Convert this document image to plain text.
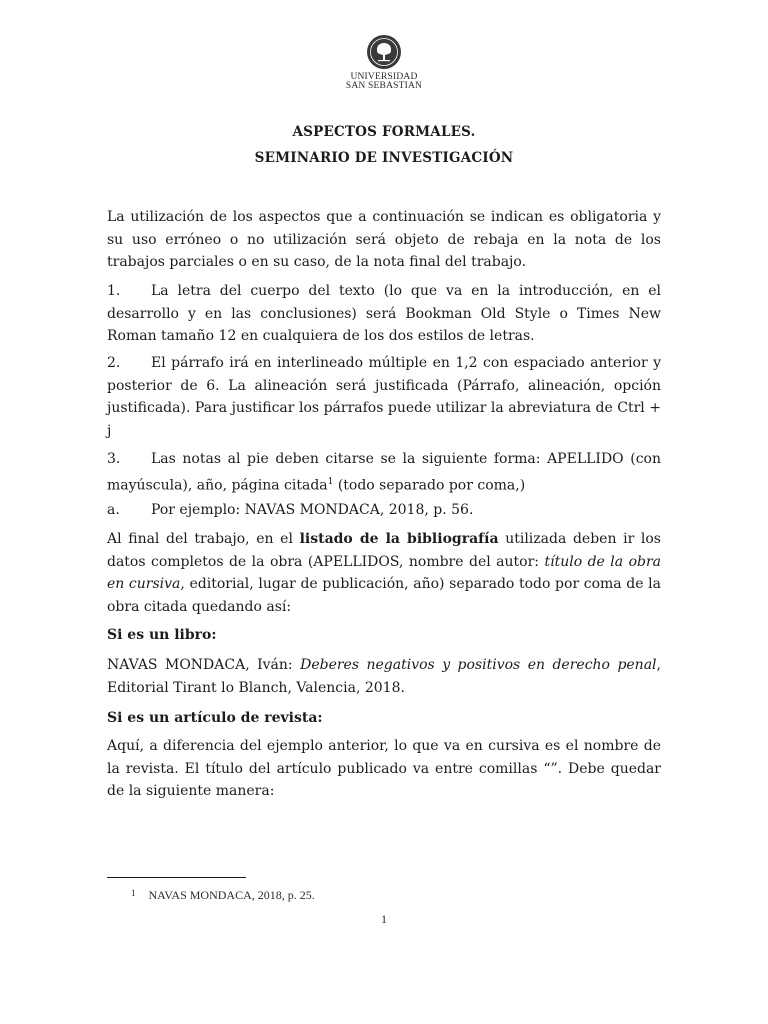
UNIVERSIDAD
SAN SEBASTIAN
ASPECTOS FORMALES.
SEMINARIO DE INVESTIGACIÓN

La utilización de los aspectos que a continuación se indican es obligatoria y su uso erróneo o no utilización será objeto de rebaja en la nota de los trabajos parciales o en su caso, de la nota final del trabajo.

1. La letra del cuerpo del texto (lo que va en la introducción, en el desarrollo y en las conclusiones) será Bookman Old Style o Times New Roman tamaño 12 en cualquiera de los dos estilos de letras.

2. El párrafo irá en interlineado múltiple en 1,2 con espaciado anterior y posterior de 6. La alineación será justificada (Párrafo, alineación, opción justificada). Para justificar los párrafos puede utilizar la abreviatura de Ctrl + j

3. Las notas al pie deben citarse se la siguiente forma: APELLIDO (con mayúscula), año, página citada$^1$ (todo separado por coma,)

a. Por ejemplo: NAVAS MONDACA, 2018, p. 56.

Al final del trabajo, en el listado de la bibliografía utilizada deben ir los datos completos de la obra (APELLIDOS, nombre del autor: título de la obra en cursiva, editorial, lugar de publicación, año) separado todo por coma de la obra citada quedando así:

Si es un libro:

NAVAS MONDACA, Iván: Deberes negativos y positivos en derecho penal, Editorial Tirant lo Blanch, Valencia, 2018.

Si es un artículo de revista:

Aquí, a diferencia del ejemplo anterior, lo que va en cursiva es el nombre de la revista. El título del artículo publicado va entre comillas “”. Debe quedar de la siguiente manera:

$^1$ NAVAS MONDACA, 2018, p. 25.
1
